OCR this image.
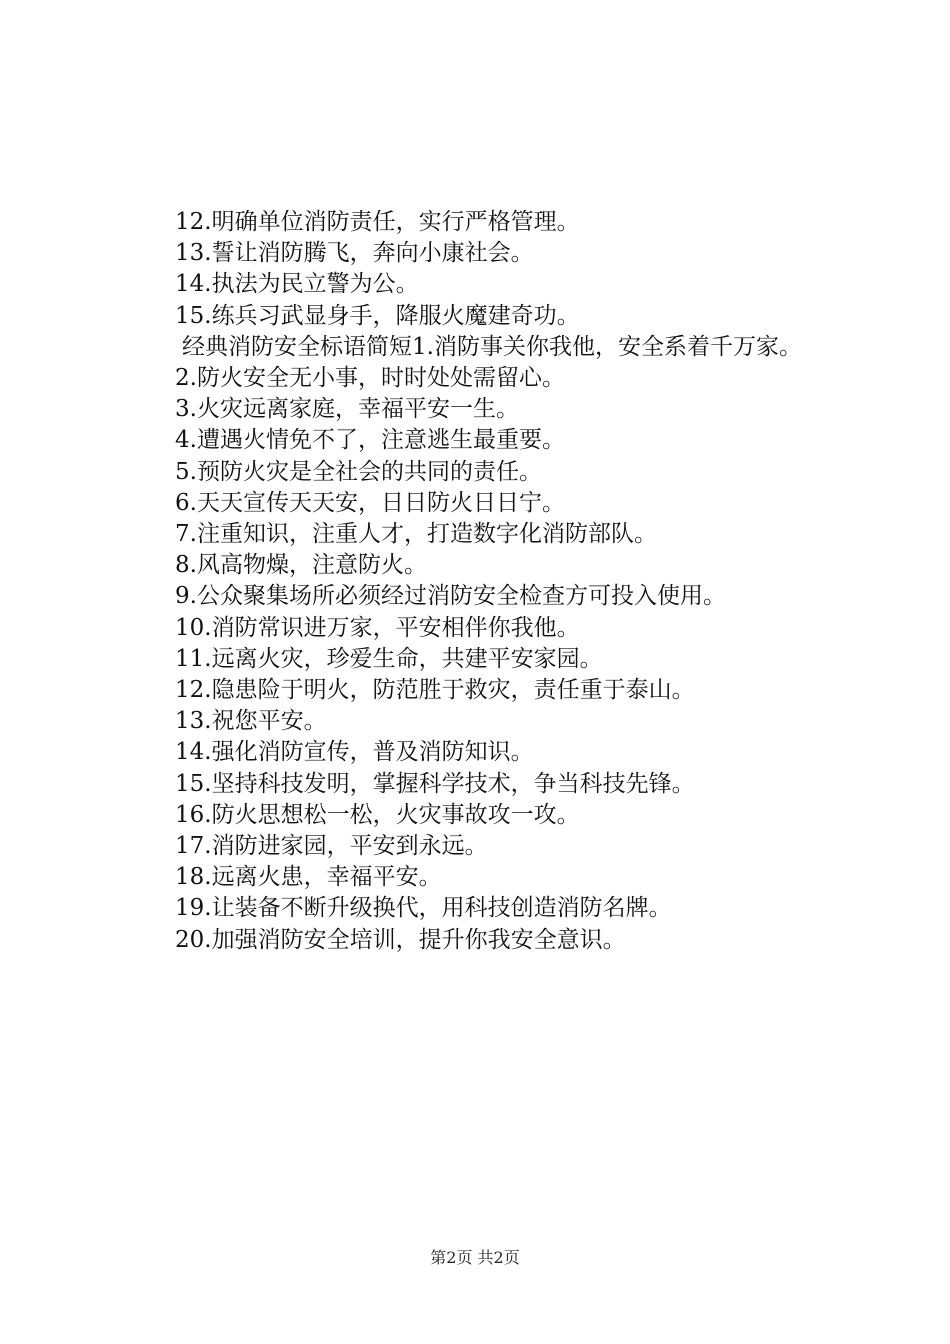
12.明确单位消防责任，实行严格管理。
13.誓让消防腾飞，奔向小康社会。
14.执法为民立警为公。
15.练兵习武显身手，降服火魔建奇功。
经典消防安全标语简短1.消防事关你我他，安全系着千万家。
2.防火安全无小事，时时处处需留心。
3.火灾远离家庭，幸福平安一生。
4.遭遇火情免不了，注意逃生最重要。
5.预防火灾是全社会的共同的责任。
6.天天宣传天天安，日日防火日日宁。
7.注重知识，注重人才，打造数字化消防部队。
8.风高物燥，注意防火。
9.公众聚集场所必须经过消防安全检查方可投入使用。
10.消防常识进万家，平安相伴你我他。
11.远离火灾，珍爱生命，共建平安家园。
12.隐患险于明火，防范胜于救灾，责任重于泰山。
13.祝您平安。
14.强化消防宣传，普及消防知识。
15.坚持科技发明，掌握科学技术，争当科技先锋。
16.防火思想松一松，火灾事故攻一攻。
17.消防进家园，平安到永远。
18.远离火患，幸福平安。
19.让装备不断升级换代，用科技创造消防名牌。
20.加强消防安全培训，提升你我安全意识。
第2页 共2页
